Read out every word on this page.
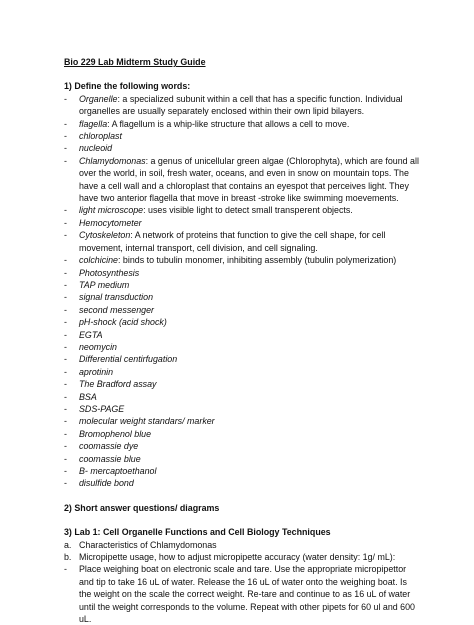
Bio 229 Lab Midterm Study Guide

1) Define the following words:

-	Organelle: a specialized subunit within a cell that has a specific function. Individual organelles are usually separately enclosed within their own lipid bilayers.
-	flagella: A flagellum is a whip-like structure that allows a cell to move.
-	chloroplast
-	nucleoid
-	Chlamydomonas: a genus of unicellular green algae (Chlorophyta), which are found all over the world, in soil, fresh water, oceans, and even in snow on mountain tops. The have a cell wall and a chloroplast that contains an eyespot that perceives light. They have two anterior flagella that move in breast -stroke like swimming moevements.
-	light microscope: uses visible light to detect small transperent objects.
-	Hemocytometer
-	Cytoskeleton: A network of proteins that function to give the cell shape, for cell movement, internal transport, cell division, and cell signaling.
-	colchicine: binds to tubulin monomer, inhibiting assembly (tubulin polymerization)
-	Photosynthesis
-	TAP medium
-	signal transduction
-	second messenger
-	pH-shock (acid shock)
-	EGTA
-	neomycin
-	Differential centirfugation
-	aprotinin
-	The Bradford assay
-	BSA
-	SDS-PAGE
-	molecular weight standars/ marker
-	Bromophenol blue
-	coomassie dye
-	coomassie blue
-	B- mercaptoethanol
-	disulfide bond

2) Short answer questions/ diagrams

3) Lab 1: Cell Organelle Functions and Cell Biology Techniques

a. Characteristics of Chlamydomonas
b. Micropipette usage, how to adjust micropipette accuracy (water density: 1g/ mL):
-	Place weighing boat on electronic scale and tare. Use the appropriate micropipettor and tip to take 16 uL of water. Release the 16 uL of water onto the weighing boat. Is the weight on the scale the correct weight. Re-tare and continue to as 16 uL of water until the weight corresponds to the volume. Repeat with other pipets for 60 ul and 600 uL.
